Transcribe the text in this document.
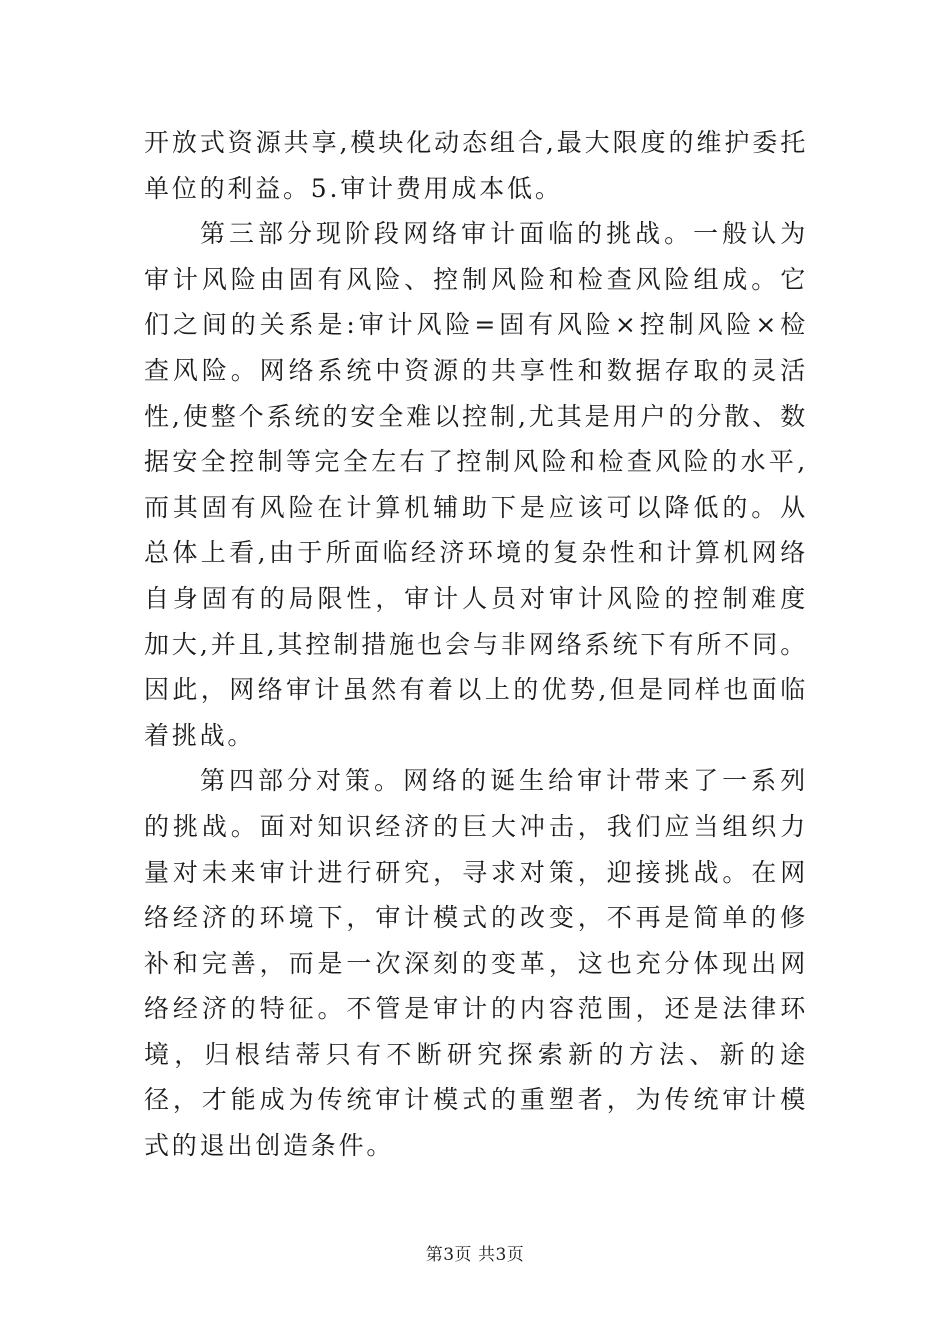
开放式资源共享,模块化动态组合,最大限度的维护委托单位的利益。5.审计费用成本低。

第三部分现阶段网络审计面临的挑战。一般认为审计风险由固有风险、控制风险和检查风险组成。它们之间的关系是:审计风险=固有风险×控制风险×检查风险。网络系统中资源的共享性和数据存取的灵活性,使整个系统的安全难以控制,尤其是用户的分散、数据安全控制等完全左右了控制风险和检查风险的水平,而其固有风险在计算机辅助下是应该可以降低的。从总体上看,由于所面临经济环境的复杂性和计算机网络自身固有的局限性，审计人员对审计风险的控制难度加大,并且,其控制措施也会与非网络系统下有所不同。因此，网络审计虽然有着以上的优势,但是同样也面临着挑战。

第四部分对策。网络的诞生给审计带来了一系列的挑战。面对知识经济的巨大冲击，我们应当组织力量对未来审计进行研究，寻求对策，迎接挑战。在网络经济的环境下，审计模式的改变，不再是简单的修补和完善，而是一次深刻的变革，这也充分体现出网络经济的特征。不管是审计的内容范围，还是法律环境，归根结蒂只有不断研究探索新的方法、新的途径，才能成为传统审计模式的重塑者，为传统审计模式的退出创造条件。

第3页 共3页
